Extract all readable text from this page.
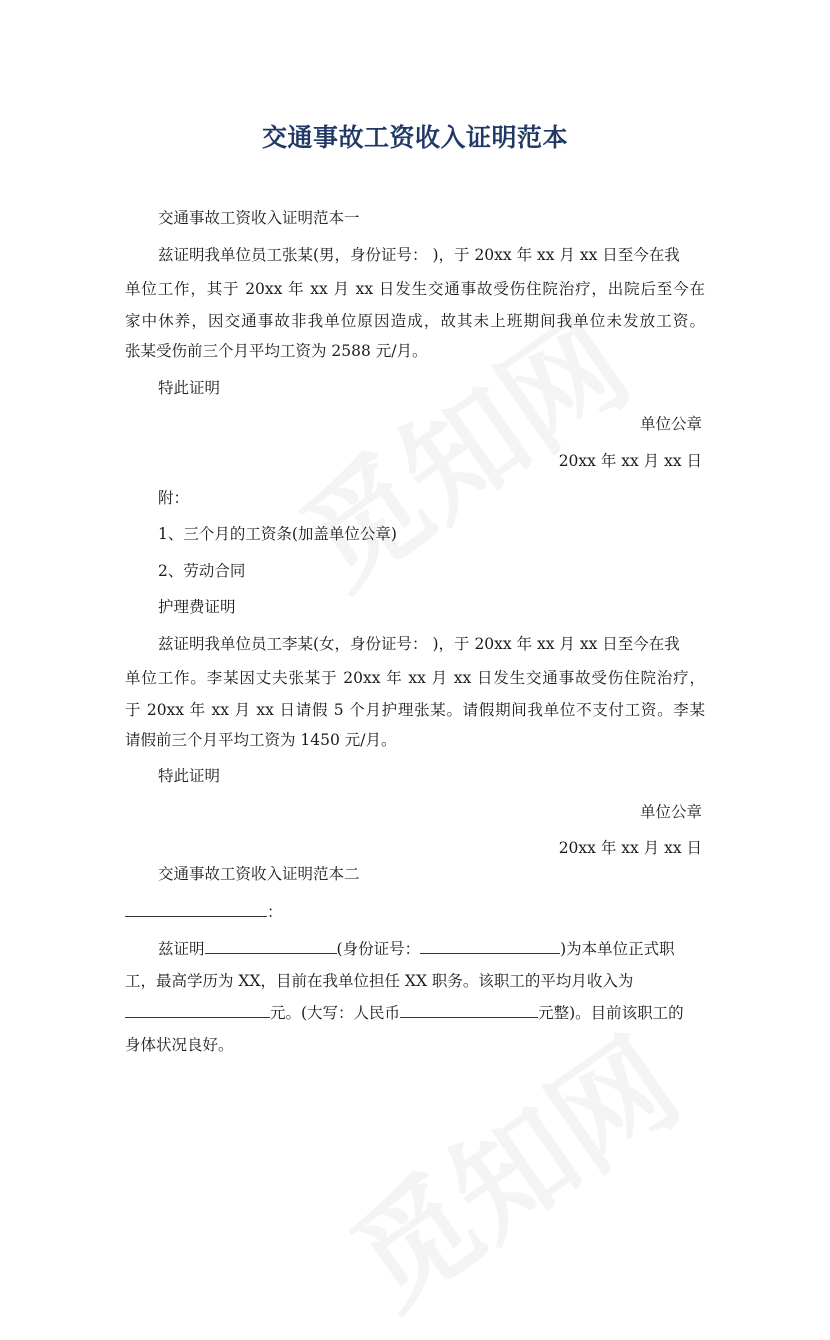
交通事故工资收入证明范本
交通事故工资收入证明范本一
兹证明我单位员工张某(男，身份证号： )，于 20xx 年 xx 月 xx 日至今在我
单位工作，其于 20xx 年 xx 月 xx 日发生交通事故受伤住院治疗，出院后至今在
家中休养，因交通事故非我单位原因造成，故其未上班期间我单位未发放工资。
张某受伤前三个月平均工资为 2588 元/月。
特此证明
单位公章
20xx 年 xx 月 xx 日
附：
1、三个月的工资条(加盖单位公章)
2、劳动合同
护理费证明
兹证明我单位员工李某(女，身份证号： )，于 20xx 年 xx 月 xx 日至今在我
单位工作。李某因丈夫张某于 20xx 年 xx 月 xx 日发生交通事故受伤住院治疗，
于 20xx 年 xx 月 xx 日请假 5 个月护理张某。请假期间我单位不支付工资。李某
请假前三个月平均工资为 1450 元/月。
特此证明
单位公章
20xx 年 xx 月 xx 日
交通事故工资收入证明范本二
：
兹证明	(身份证号：	)为本单位正式职
工，最高学历为 XX，目前在我单位担任 XX 职务。该职工的平均月收入为
元。(大写：人民币	元整)。目前该职工的
身体状况良好。
